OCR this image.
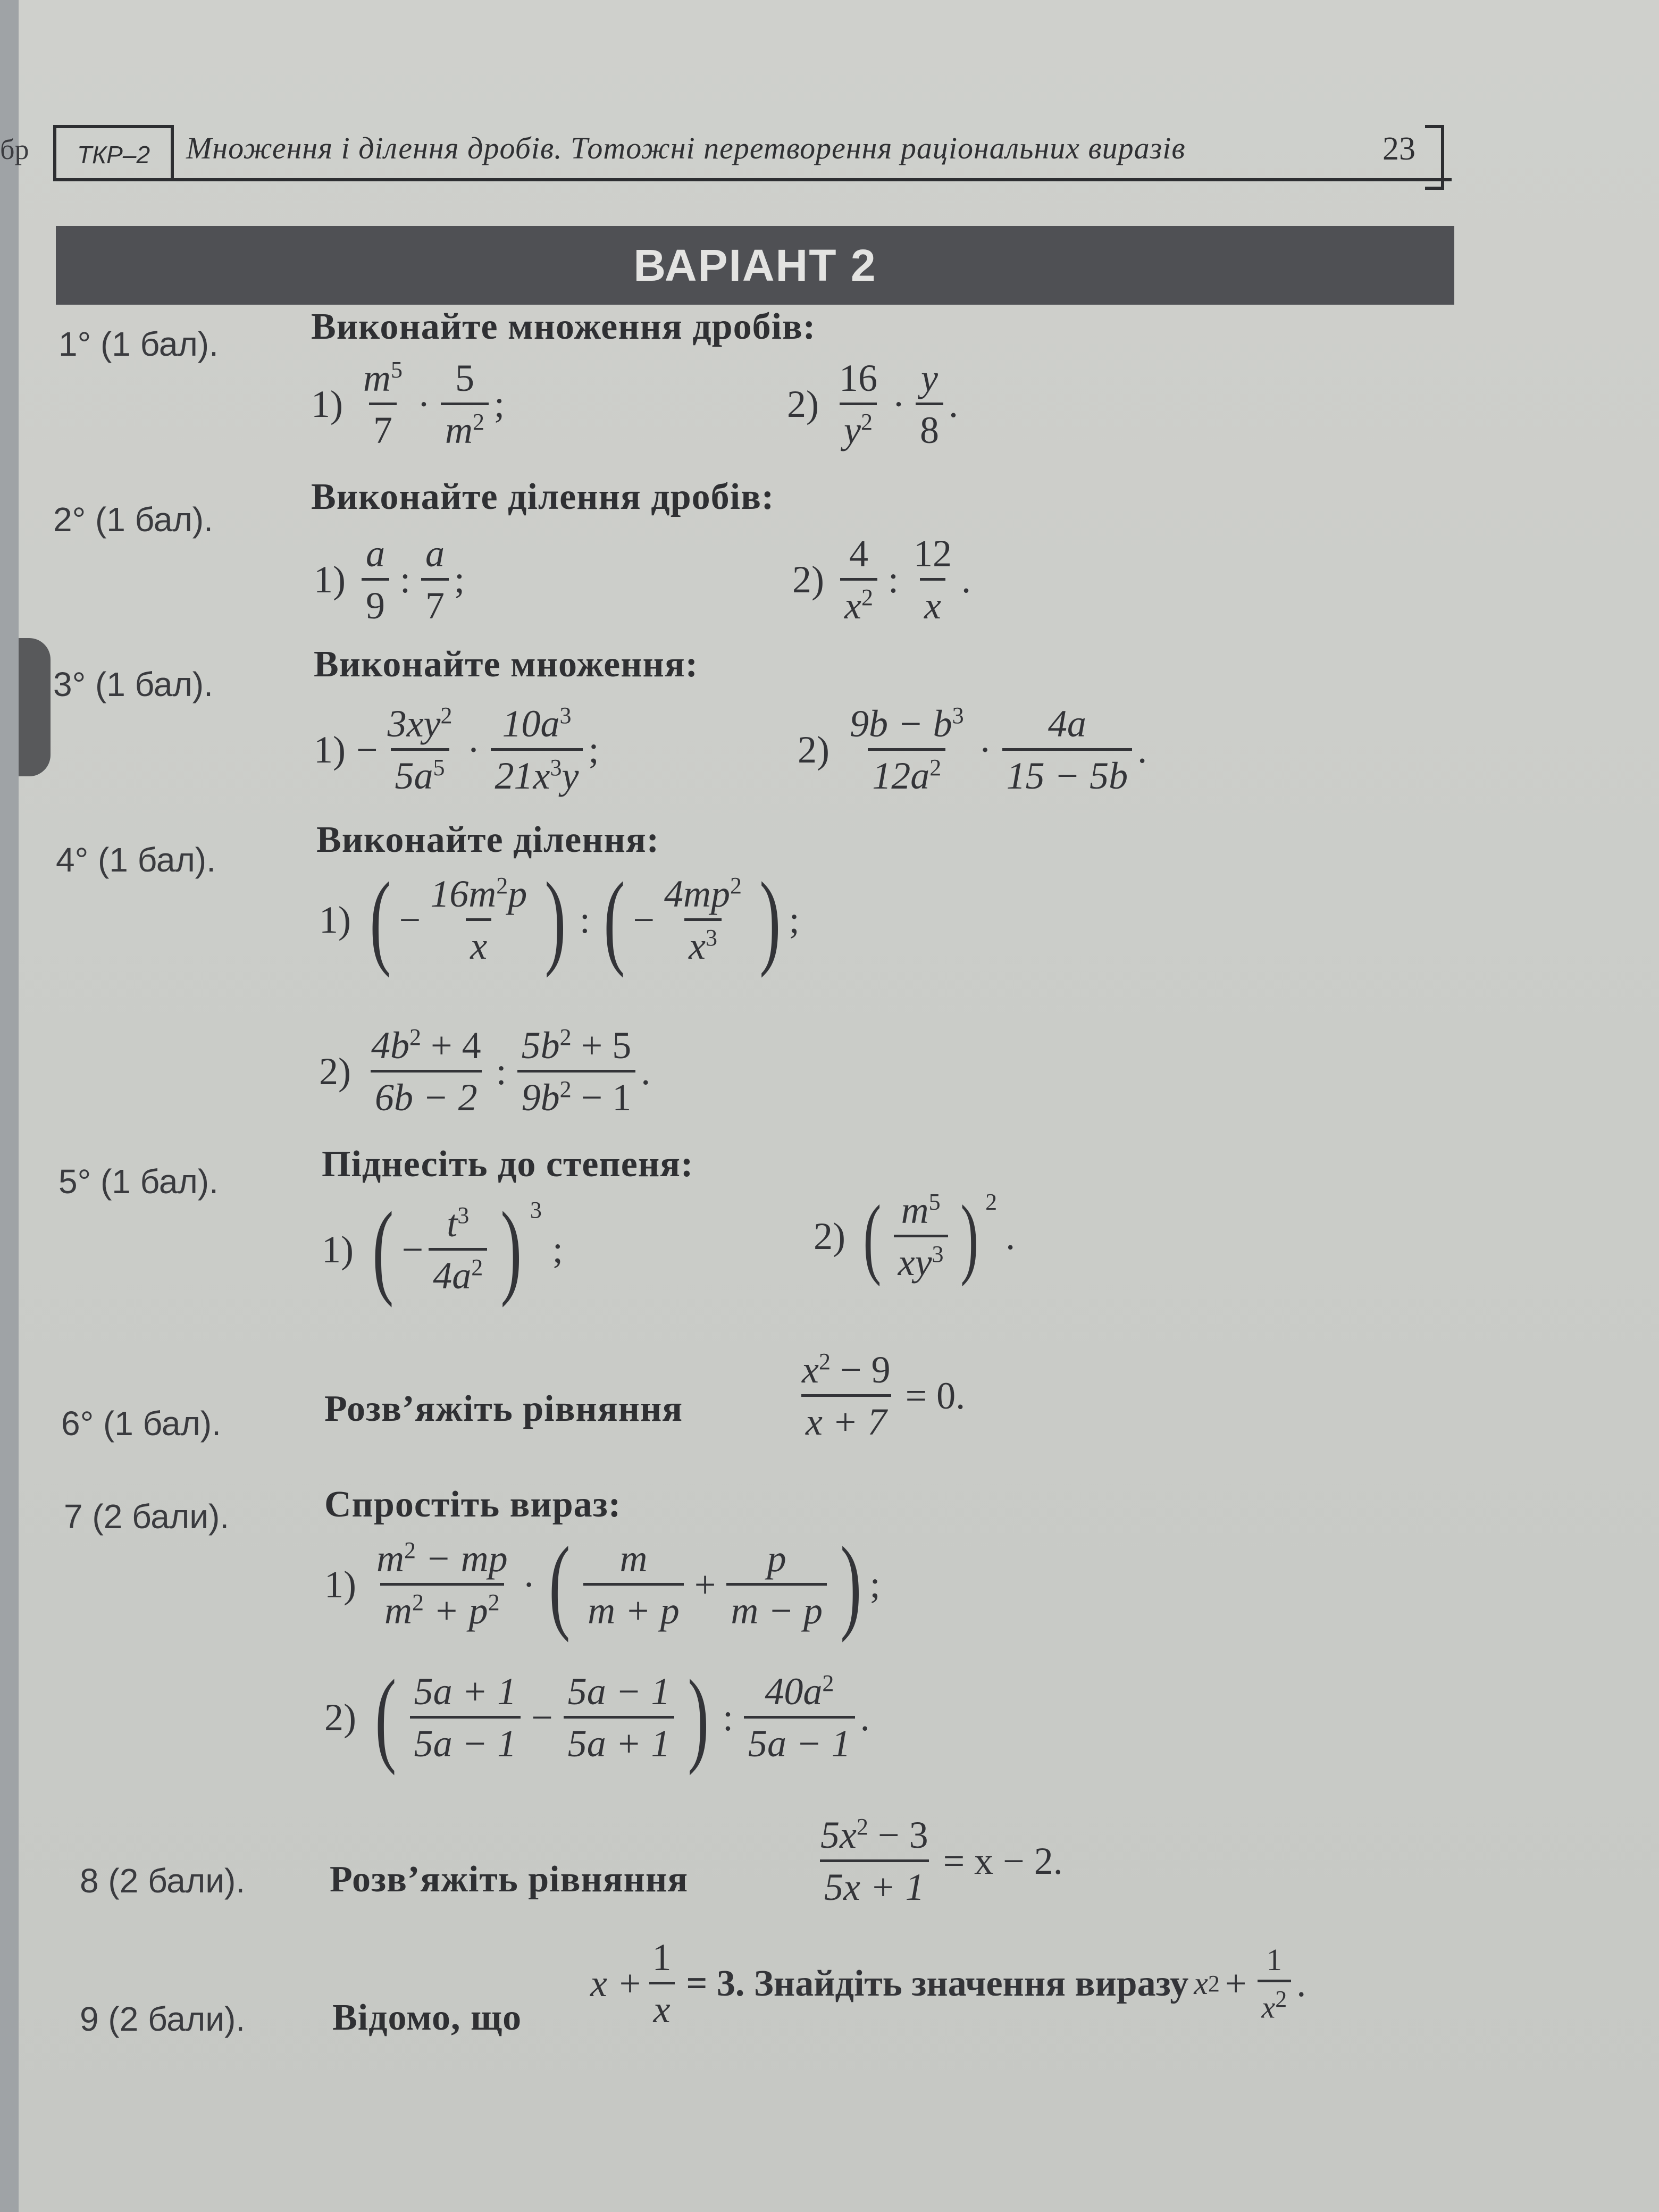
бр	ТКР–2	Множення і ділення дробів. Тотожні перетворення раціональних виразів	23
ВАРІАНТ 2
1° (1 бал). Виконайте множення дробів:
$1) \frac{m^5}{7} \cdot \frac{5}{m^2}$ ;	$2) \frac{16}{y^2} \cdot \frac{y}{8}$ .
2° (1 бал).
Виконайте ділення дробів:
$1) \frac{a}{9}$ : $\frac{a}{7}$ ;	$2) \frac{4}{x^2}$ : $\frac{12}{x}$ .
3° (1 бал).	Виконайте множення:
$1) - \frac{3xy^2}{5a^5} \cdot \frac{10a^3}{21x^3y}$ ;	$2) \frac{9b - b^3}{12a^2} \cdot \frac{4a}{15 - 5b}$ .
4° (1 бал).	Виконайте ділення:
1) ( − $\frac{16m^2p}{x}$ ) : ( − $\frac{4mp^2}{x^3}$ ) ;
$2) \frac{4b^2 + 4}{6b - 2}$ : $\frac{5b^2 + 5}{9b^2 - 1}$ .
5° (1 бал).	Піднесіть до степеня:
1) ( − $\frac{t^3}{4a^2}$ ) 3
;	2) ( $\frac{m^5}{xy^3}$ ) 2
.
6° (1 бал).	Розв’яжіть рівняння	$\frac{x^2 - 9}{x + 7} = 0$.
7 (2 бали).	Спростіть вираз:
$1) \frac{m^2 - mp}{m^2 + p^2}$ · ( $\frac{m}{m + p} + \frac{p}{m - p}$ ) ;
2) ( $\frac{5a + 1}{5a - 1} - \frac{5a - 1}{5a + 1}$ ) : $\frac{40a^2}{5a - 1}$ .
8 (2 бали). Розв’яжіть рівняння	$\frac{5x^2 - 3}{5x + 1} = x - 2$.
9 (2 бали). Відомо, що
$x + \frac{1}{x} = 3$. Знайдіть значення виразу x $2 + \frac{1}{x^2}$ .
